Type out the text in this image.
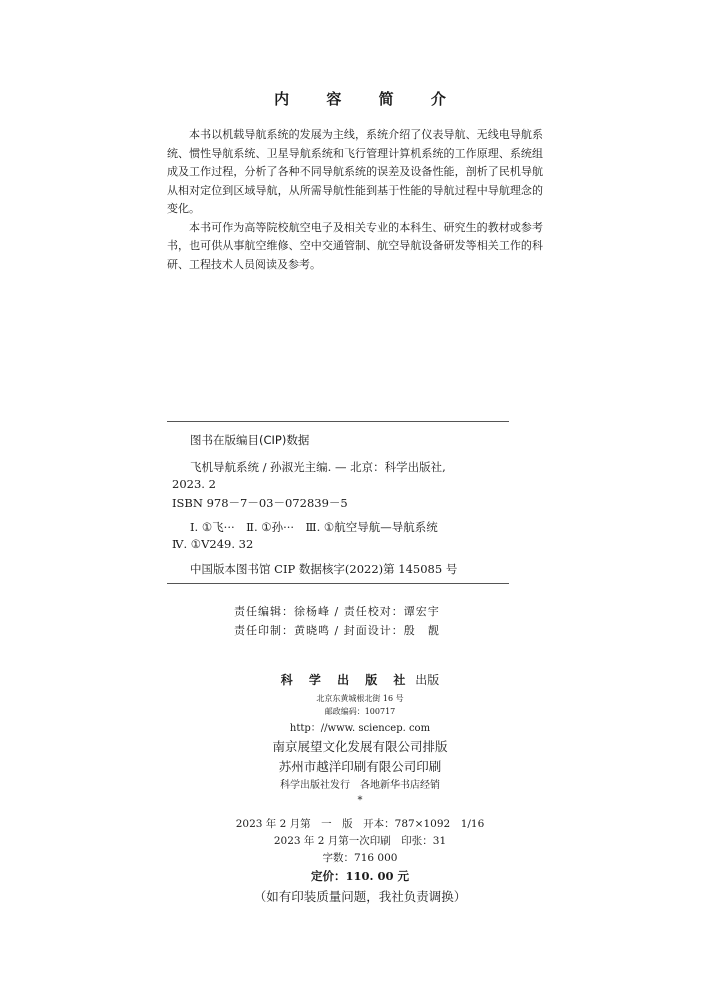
内 容 简 介

本书以机载导航系统的发展为主线，系统介绍了仪表导航、无线电导航系统、惯性导航系统、卫星导航系统和飞行管理计算机系统的工作原理、系统组成及工作过程，分析了各种不同导航系统的误差及设备性能，剖析了民机导航从相对定位到区域导航，从所需导航性能到基于性能的导航过程中导航理念的变化。

本书可作为高等院校航空电子及相关专业的本科生、研究生的教材或参考书，也可供从事航空维修、空中交通管制、航空导航设备研发等相关工作的科研、工程技术人员阅读及参考。

图书在版编目(CIP)数据
飞机导航系统 / 孙淑光主编. — 北京：科学出版社,
2023. 2
ISBN 978－7－03－072839－5
Ⅰ. ①飞···　Ⅱ. ①孙···　Ⅲ. ①航空导航—导航系统
Ⅳ. ①V249. 32
中国版本图书馆 CIP 数据核字(2022)第 145085 号
责任编辑：徐杨峰 / 责任校对：谭宏宇
责任印制：黄晓鸣 / 封面设计：殷　靓
科 学 出 版 社 出版
北京东黄城根北街 16 号
邮政编码：100717
http：//www. sciencep. com
南京展望文化发展有限公司排版
苏州市越洋印刷有限公司印刷
科学出版社发行　各地新华书店经销
*
2023 年 2 月第　一　版　开本：787×1092　1/16
2023 年 2 月第一次印刷　印张：31
字数：716 000
定价：110. 00 元
（如有印装质量问题，我社负责调换）
